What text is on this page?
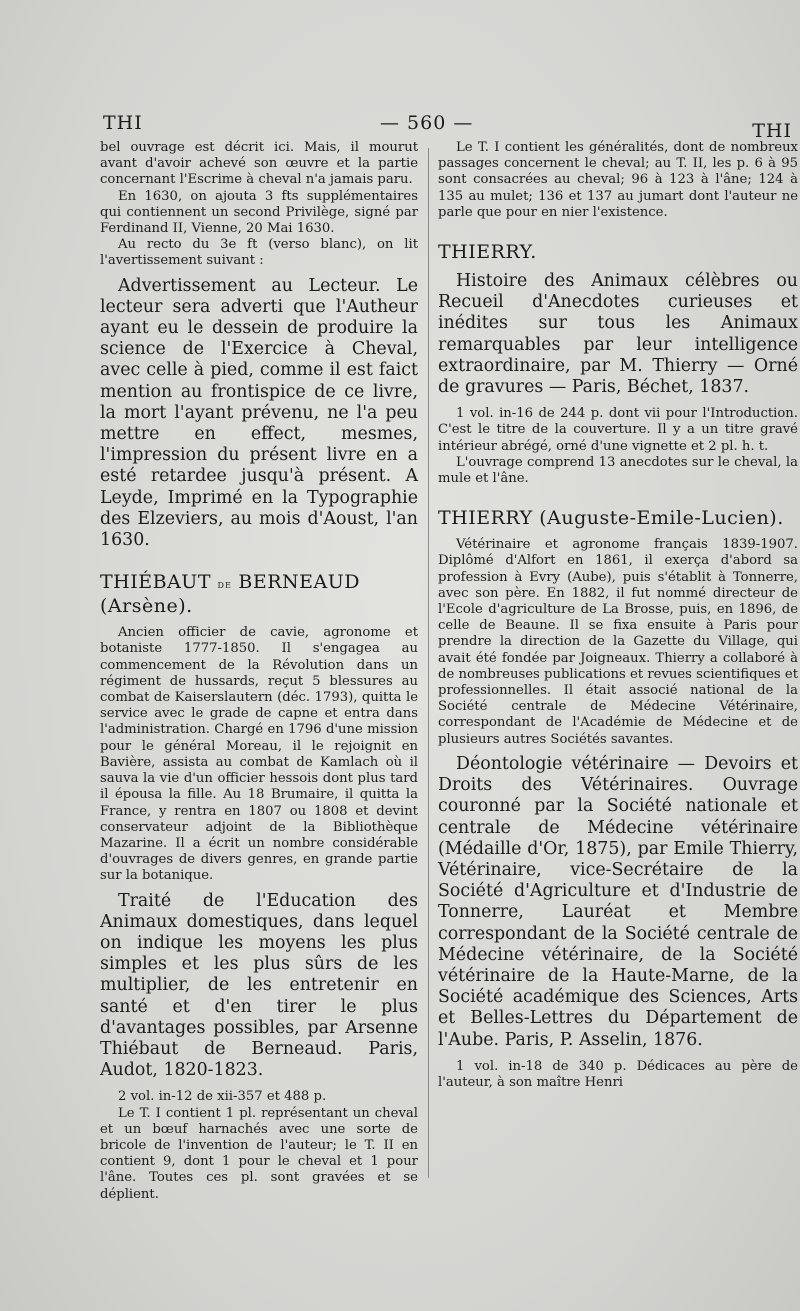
THI	— 560 —	THI

bel ouvrage est décrit ici. Mais, il mourut avant d'avoir achevé son œuvre et la partie concernant l'Escrime à cheval n'a jamais paru.

En 1630, on ajouta 3 fts supplémentaires qui contiennent un second Privilège, signé par Ferdinand II, Vienne, 20 Mai 1630.

Au recto du 3e ft (verso blanc), on lit l'avertissement suivant :

Advertissement au Lecteur. Le lecteur sera adverti que l'Autheur ayant eu le dessein de produire la science de l'Exercice à Cheval, avec celle à pied, comme il est faict mention au frontispice de ce livre, la mort l'ayant prévenu, ne l'a peu mettre en effect, mesmes, l'impression du présent livre en a esté retardee jusqu'à présent. A Leyde, Imprimé en la Typographie des Elzeviers, au mois d'Aoust, l'an 1630.

THIÉBAUT de BERNEAUD (Arsène).

Ancien officier de cavie, agronome et botaniste 1777-1850. Il s'engagea au commencement de la Révolution dans un régiment de hussards, reçut 5 blessures au combat de Kaiserslautern (déc. 1793), quitta le service avec le grade de capne et entra dans l'administration. Chargé en 1796 d'une mission pour le général Moreau, il le rejoignit en Bavière, assista au combat de Kamlach où il sauva la vie d'un officier hessois dont plus tard il épousa la fille. Au 18 Brumaire, il quitta la France, y rentra en 1807 ou 1808 et devint conservateur adjoint de la Bibliothèque Mazarine. Il a écrit un nombre considérable d'ouvrages de divers genres, en grande partie sur la botanique.

Traité de l'Education des Animaux domestiques, dans lequel on indique les moyens les plus simples et les plus sûrs de les multiplier, de les entretenir en santé et d'en tirer le plus d'avantages possibles, par Arsenne Thiébaut de Berneaud. Paris, Audot, 1820-1823.

2 vol. in-12 de xii-357 et 488 p.

Le T. I contient 1 pl. représentant un cheval et un bœuf harnachés avec une sorte de bricole de l'invention de l'auteur; le T. II en contient 9, dont 1 pour le cheval et 1 pour l'âne. Toutes ces pl. sont gravées et se déplient.

Le T. I contient les généralités, dont de nombreux passages concernent le cheval; au T. II, les p. 6 à 95 sont consacrées au cheval; 96 à 123 à l'âne; 124 à 135 au mulet; 136 et 137 au jumart dont l'auteur ne parle que pour en nier l'existence.

THIERRY.

Histoire des Animaux célèbres ou Recueil d'Anecdotes curieuses et inédites sur tous les Animaux remarquables par leur intelligence extraordinaire, par M. Thierry — Orné de gravures — Paris, Béchet, 1837.

1 vol. in-16 de 244 p. dont vii pour l'Introduction. C'est le titre de la couverture. Il y a un titre gravé intérieur abrégé, orné d'une vignette et 2 pl. h. t.

L'ouvrage comprend 13 anecdotes sur le cheval, la mule et l'âne.

THIERRY (Auguste-Emile-Lucien).

Vétérinaire et agronome français 1839-1907. Diplômé d'Alfort en 1861, il exerça d'abord sa profession à Evry (Aube), puis s'établit à Tonnerre, avec son père. En 1882, il fut nommé directeur de l'Ecole d'agriculture de La Brosse, puis, en 1896, de celle de Beaune. Il se fixa ensuite à Paris pour prendre la direction de la Gazette du Village, qui avait été fondée par Joigneaux. Thierry a collaboré à de nombreuses publications et revues scientifiques et professionnelles. Il était associé national de la Société centrale de Médecine Vétérinaire, correspondant de l'Académie de Médecine et de plusieurs autres Sociétés savantes.

Déontologie vétérinaire — Devoirs et Droits des Vétérinaires. Ouvrage couronné par la Société nationale et centrale de Médecine vétérinaire (Médaille d'Or, 1875), par Emile Thierry, Vétérinaire, vice-Secrétaire de la Société d'Agriculture et d'Industrie de Tonnerre, Lauréat et Membre correspondant de la Société centrale de Médecine vétérinaire, de la Société vétérinaire de la Haute-Marne, de la Société académique des Sciences, Arts et Belles-Lettres du Département de l'Aube. Paris, P. Asselin, 1876.

1 vol. in-18 de 340 p. Dédicaces au père de l'auteur, à son maître Henri
